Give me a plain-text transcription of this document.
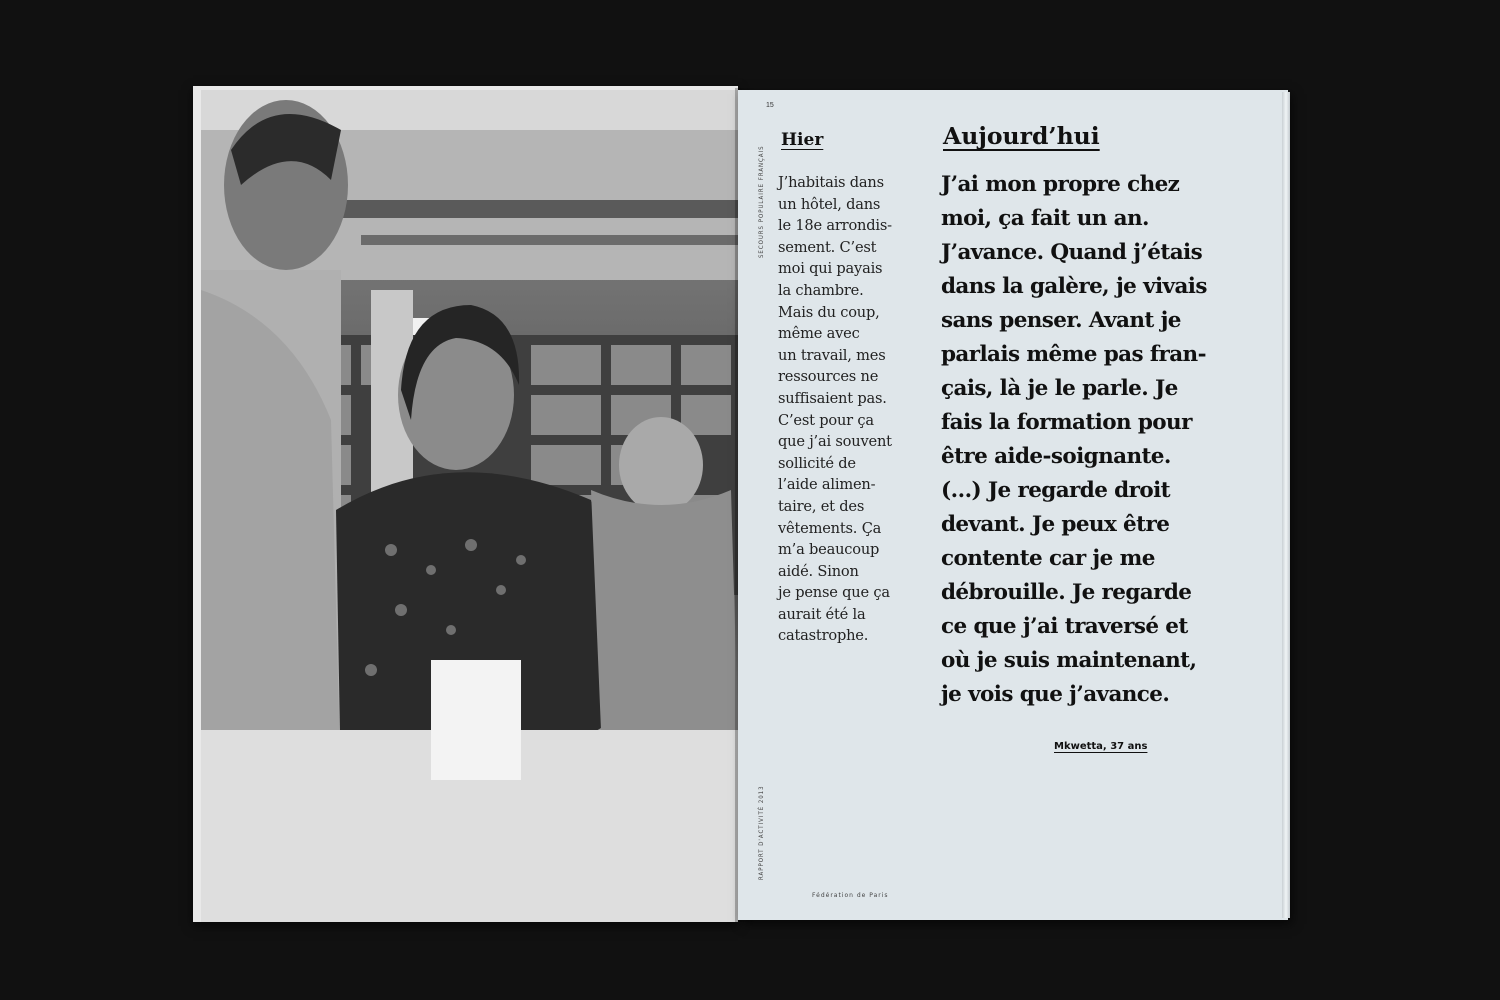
15
SECOURS POPULAIRE FRANÇAIS
RAPPORT D'ACTIVITÉ 2013
Hier
J’habitais dans
un hôtel, dans
le 18e arrondis-
sement. C’est
moi qui payais
la chambre.
Mais du coup,
même avec
un travail, mes
ressources ne
suffisaient pas.
C’est pour ça
que j’ai souvent
sollicité de
l’aide alimen-
taire, et des
vêtements. Ça
m’a beaucoup
aidé. Sinon
je pense que ça
aurait été la
catastrophe.
Aujourd’hui
J’ai mon propre chez
moi, ça fait un an.
J’avance. Quand j’étais
dans la galère, je vivais
sans penser. Avant je
parlais même pas fran-
çais, là je le parle. Je
fais la formation pour
être aide-soignante.
(…) Je regarde droit
devant. Je peux être
contente car je me
débrouille. Je regarde
ce que j’ai traversé et
où je suis maintenant,
je vois que j’avance.
Mkwetta, 37 ans
Fédération de Paris
